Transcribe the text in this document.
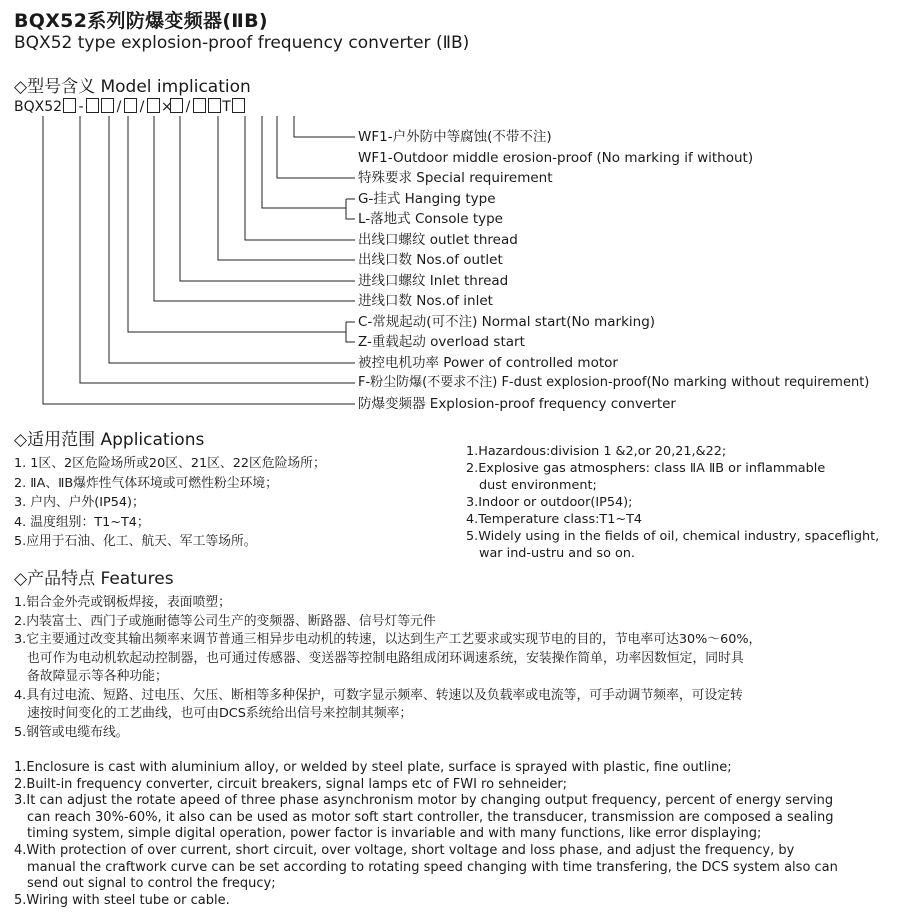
BQX52系列防爆变频器(ⅡB)
BQX52 type explosion-proof frequency converter (ⅡB)
◇型号含义 Model implication
BQX52 - / / × / T
WF1-户外防中等腐蚀(不带不注)
WF1-Outdoor middle erosion-proof (No marking if without)
特殊要求 Special requirement
G-挂式 Hanging type
L-落地式 Console type
出线口螺纹 outlet thread
出线口数 Nos.of outlet
进线口螺纹 Inlet thread
进线口数 Nos.of inlet
C-常规起动(可不注) Normal start(No marking)
Z-重载起动 overload start
被控电机功率 Power of controlled motor
F-粉尘防爆(不要求不注) F-dust explosion-proof(No marking without requirement)
防爆变频器 Explosion-proof frequency converter
◇适用范围 Applications
1. 1区、2区危险场所或20区、21区、22区危险场所；
2. ⅡA、ⅡB爆炸性气体环境或可燃性粉尘环境；
3. 户内、户外(IP54)；
4. 温度组别：T1~T4；
5.应用于石油、化工、航天、军工等场所。
1.Hazardous:division 1 &2,or 20,21,&22;
2.Explosive gas atmosphers: class ⅡA ⅡB or inflammable
dust environment;
3.Indoor or outdoor(IP54);
4.Temperature class:T1~T4
5.Widely using in the fields of oil, chemical industry, spaceflight,
war ind-ustru and so on.
◇产品特点 Features
1.铝合金外壳或钢板焊接，表面喷塑；
2.内装富士、西门子或施耐德等公司生产的变频器、断路器、信号灯等元件
3.它主要通过改变其输出频率来调节普通三相异步电动机的转速，以达到生产工艺要求或实现节电的目的，节电率可达30%～60%，
也可作为电动机软起动控制器，也可通过传感器、变送器等控制电路组成闭环调速系统，安装操作简单，功率因数恒定，同时具
备故障显示等各种功能；
4.具有过电流、短路、过电压、欠压、断相等多种保护，可数字显示频率、转速以及负载率或电流等，可手动调节频率，可设定转
速按时间变化的工艺曲线，也可由DCS系统给出信号来控制其频率；
5.钢管或电缆布线。
1.Enclosure is cast with aluminium alloy, or welded by steel plate, surface is sprayed with plastic, fine outline;
2.Built-in frequency converter, circuit breakers, signal lamps etc of FWI ro sehneider;
3.It can adjust the rotate apeed of three phase asynchronism motor by changing output frequency, percent of energy serving
can reach 30%-60%, it also can be used as motor soft start controller, the transducer, transmission are composed a sealing
timing system, simple digital operation, power factor is invariable and with many functions, like error displaying;
4.With protection of over current, short circuit, over voltage, short voltage and loss phase, and adjust the frequency, by
manual the craftwork curve can be set according to rotating speed changing with time transfering, the DCS system also can
send out signal to control the frequcy;
5.Wiring with steel tube or cable.
